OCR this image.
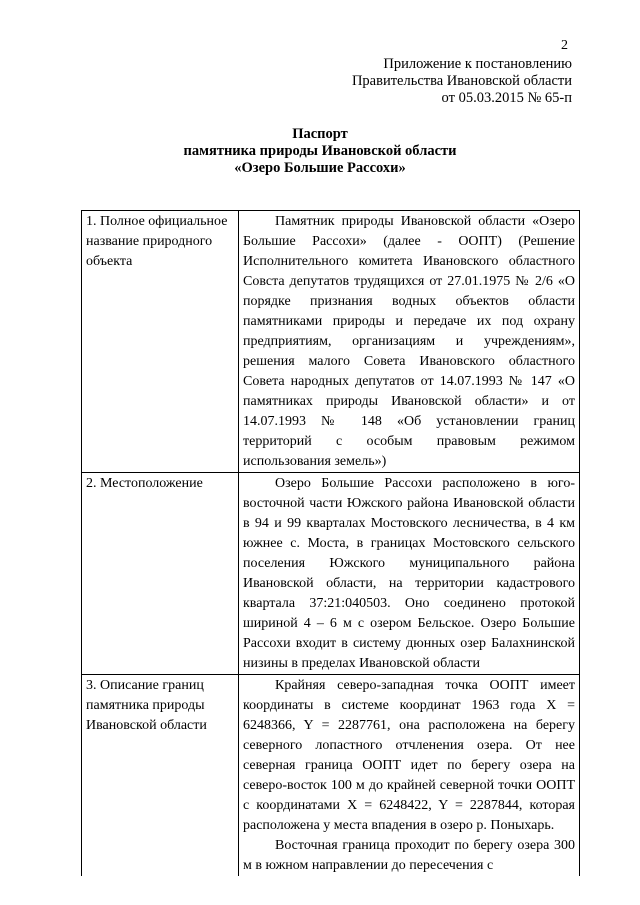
2
Приложение к постановлению
Правительства Ивановской области
от 05.03.2015 № 65-п
Паспорт
памятника природы Ивановской области
«Озеро Большие Рассохи»
1. Полное официальное название природного объекта	Памятник природы Ивановской области «Озеро Большие Рассохи» (далее - ООПТ) (Решение Исполнительного комитета Ивановского областного Совста депутатов трудящихся от 27.01.1975 № 2/6 «О порядке признания водных объектов области памятниками природы и передаче их под охрану предприятиям, организациям и учреждениям», решения малого Совета Ивановского областного Совета народных депутатов от 14.07.1993 № 147 «О памятниках природы Ивановской области» и от 14.07.1993 № 148 «Об установлении границ территорий с особым правовым режимом использования земель»)

2. Местоположение	Озеро Большие Рассохи расположено в юго-восточной части Южского района Ивановской области в 94 и 99 кварталах Мостовского лесничества, в 4 км южнее с. Моста, в границах Мостовского сельского поселения Южского муниципального района Ивановской области, на территории кадастрового квартала 37:21:040503. Оно соединено протокой шириной 4 – 6 м с озером Бельское. Озеро Большие Рассохи входит в систему дюнных озер Балахнинской низины в пределах Ивановской области

3. Описание границ памятника природы Ивановской области	Крайняя северо-западная точка ООПТ имеет координаты в системе координат 1963 года X = 6248366, Y = 2287761, она расположена на берегу северного лопастного отчленения озера. От нее северная граница ООПТ идет по берегу озера на северо-восток 100 м до крайней северной точки ООПТ с координатами X = 6248422, Y = 2287844, которая расположена у места впадения в озеро р. Поныхарь.

Восточная граница проходит по берегу озера 300 м в южном направлении до пересечения с
